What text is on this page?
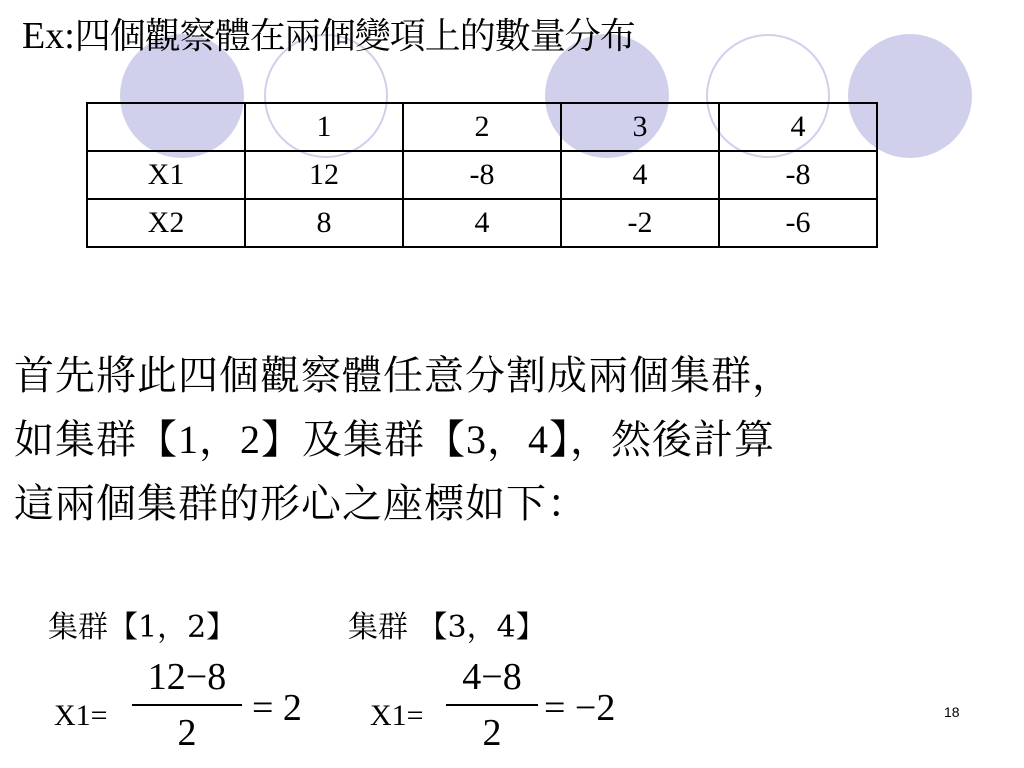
Ex:四個觀察體在兩個變項上的數量分布
	1	2	3	4
X1	12	-8	4	-8
X2	8	4	-2	-6
首先將此四個觀察體任意分割成兩個集群，
如集群【1，2】及集群【3，4】，然後計算
這兩個集群的形心之座標如下：
集群【1，2】
X1=
12−8
2
= 2
集群 【3，4】
X1=
4−8
2
= −2	18
